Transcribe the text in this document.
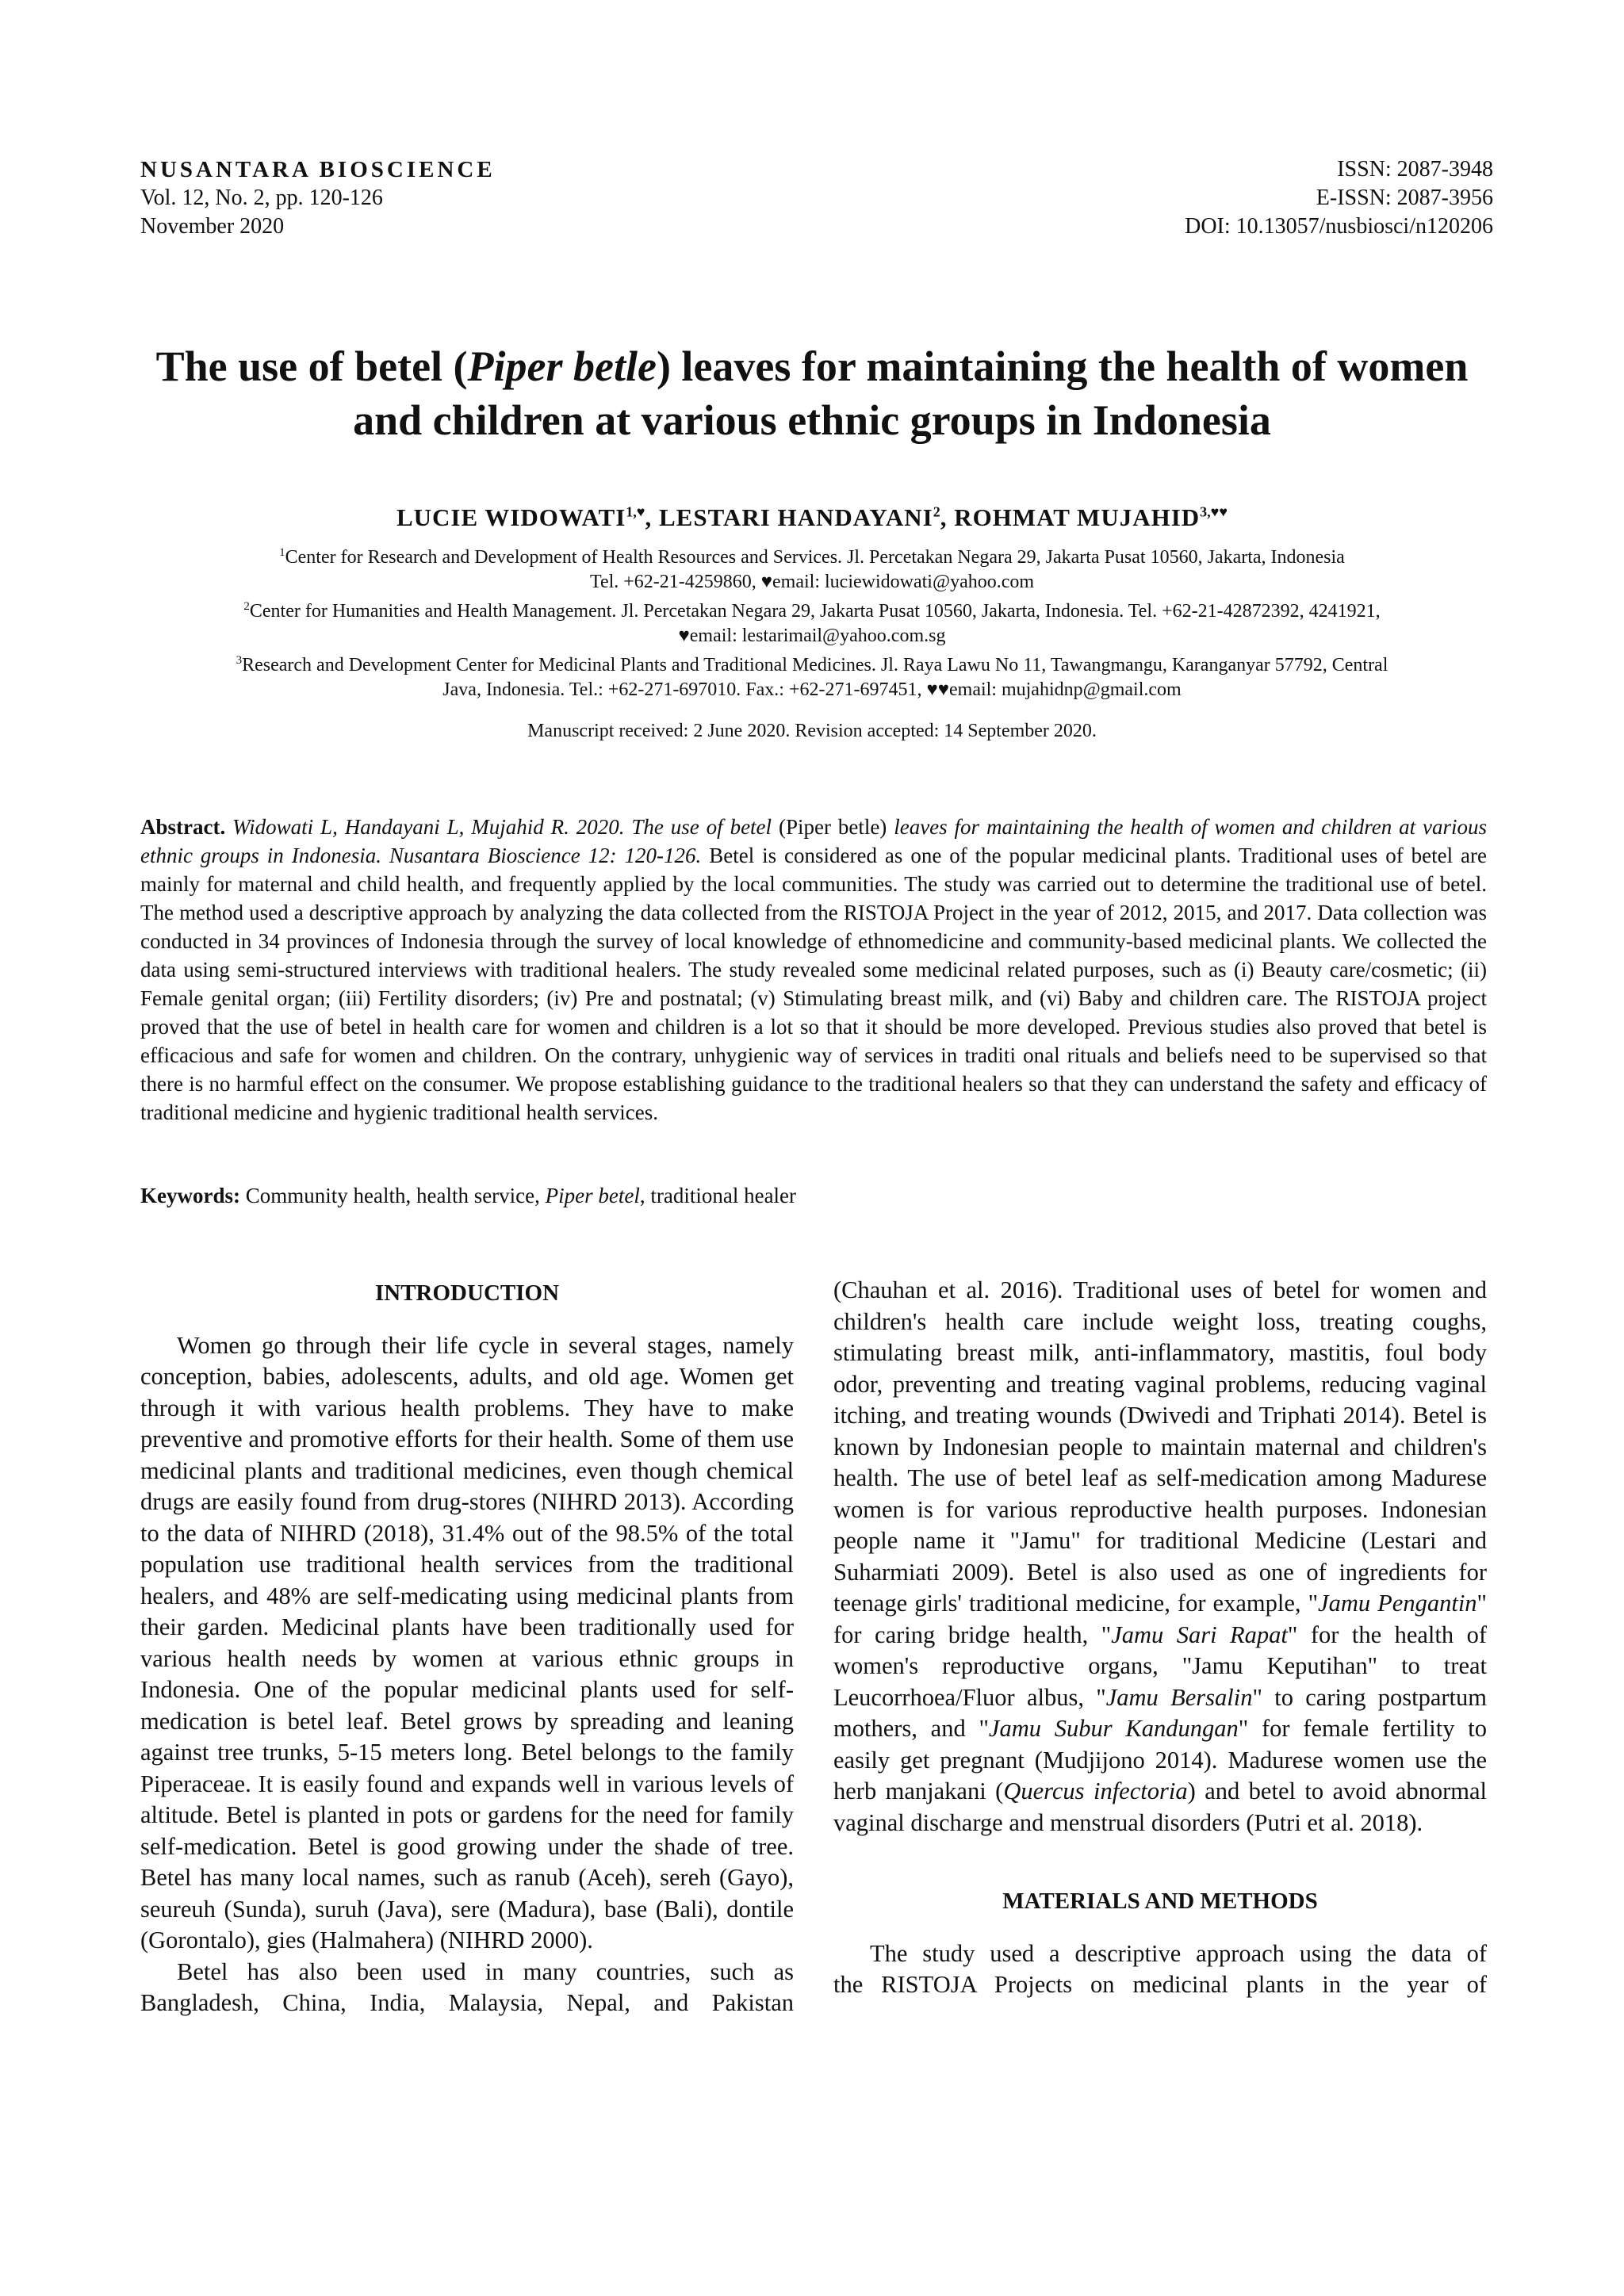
NUSANTARA BIOSCIENCE
Vol. 12, No. 2, pp. 120-126
November 2020
ISSN: 2087-3948
E-ISSN: 2087-3956
DOI: 10.13057/nusbiosci/n120206
The use of betel (Piper betle) leaves for maintaining the health of women
and children at various ethnic groups in Indonesia
LUCIE $WIDOWATI^{1,♥}$, LESTARI HANDAYANI$^2$, ROHMAT $MUJAHID^{3,♥♥}$

$^1$Center for Research and Development of Health Resources and Services. Jl. Percetakan Negara 29, Jakarta Pusat 10560, Jakarta, Indonesia

Tel. +62-21-4259860, ♥email: luciewidowati@yahoo.com

$^2$Center for Humanities and Health Management. Jl. Percetakan Negara 29, Jakarta Pusat 10560, Jakarta, Indonesia. Tel. +62-21-42872392, 4241921,

♥email: lestarimail@yahoo.com.sg

$^3$Research and Development Center for Medicinal Plants and Traditional Medicines. Jl. Raya Lawu No 11, Tawangmangu, Karanganyar 57792, Central

Java, Indonesia. Tel.: +62-271-697010. Fax.: +62-271-697451, ♥♥email: mujahidnp@gmail.com

Manuscript received: 2 June 2020. Revision accepted: 14 September 2020.

Abstract. Widowati L, Handayani L, Mujahid R. 2020. The use of betel (Piper betle) leaves for maintaining the health of women and children at various ethnic groups in Indonesia. Nusantara Bioscience 12: 120-126. Betel is considered as one of the popular medicinal plants. Traditional uses of betel are mainly for maternal and child health, and frequently applied by the local communities. The study was carried out to determine the traditional use of betel. The method used a descriptive approach by analyzing the data collected from the RISTOJA Project in the year of 2012, 2015, and 2017. Data collection was conducted in 34 provinces of Indonesia through the survey of local knowledge of ethnomedicine and community-based medicinal plants. We collected the data using semi-structured interviews with traditional healers. The study revealed some medicinal related purposes, such as (i) Beauty care/cosmetic; (ii) Female genital organ; (iii) Fertility disorders; (iv) Pre and postnatal; (v) Stimulating breast milk, and (vi) Baby and children care. The RISTOJA project proved that the use of betel in health care for women and children is a lot so that it should be more developed. Previous studies also proved that betel is efficacious and safe for women and children. On the contrary, unhygienic way of services in traditi onal rituals and beliefs need to be supervised so that there is no harmful effect on the consumer. We propose establishing guidance to the traditional healers so that they can understand the safety and efficacy of traditional medicine and hygienic traditional health services.

Keywords: Community health, health service, Piper betel, traditional healer

INTRODUCTION

Women go through their life cycle in several stages, namely conception, babies, adolescents, adults, and old age. Women get through it with various health problems. They have to make preventive and promotive efforts for their health. Some of them use medicinal plants and traditional medicines, even though chemical drugs are easily found from drug-stores (NIHRD 2013). According to the data of NIHRD (2018), 31.4% out of the 98.5% of the total population use traditional health services from the traditional healers, and 48% are self-medicating using medicinal plants from their garden. Medicinal plants have been traditionally used for various health needs by women at various ethnic groups in Indonesia. One of the popular medicinal plants used for self-medication is betel leaf. Betel grows by spreading and leaning against tree trunks, 5-15 meters long. Betel belongs to the family Piperaceae. It is easily found and expands well in various levels of altitude. Betel is planted in pots or gardens for the need for family self-medication. Betel is good growing under the shade of tree. Betel has many local names, such as ranub (Aceh), sereh (Gayo), seureuh (Sunda), suruh (Java), sere (Madura), base (Bali), dontile (Gorontalo), gies (Halmahera) (NIHRD 2000).

Betel has also been used in many countries, such as
Bangladesh, China, India, Malaysia, Nepal, and Pakistan

(Chauhan et al. 2016). Traditional uses of betel for women and children's health care include weight loss, treating coughs, stimulating breast milk, anti-inflammatory, mastitis, foul body odor, preventing and treating vaginal problems, reducing vaginal itching, and treating wounds (Dwivedi and Triphati 2014). Betel is known by Indonesian people to maintain maternal and children's health. The use of betel leaf as self-medication among Madurese women is for various reproductive health purposes. Indonesian people name it "Jamu" for traditional Medicine (Lestari and Suharmiati 2009). Betel is also used as one of ingredients for teenage girls' traditional medicine, for example, "Jamu Pengantin" for caring bridge health, "Jamu Sari Rapat" for the health of women's reproductive organs, "Jamu Keputihan" to treat Leucorrhoea/Fluor albus, "Jamu Bersalin" to caring postpartum mothers, and "Jamu Subur Kandungan" for female fertility to easily get pregnant (Mudjijono 2014). Madurese women use the herb manjakani (Quercus infectoria) and betel to avoid abnormal vaginal discharge and menstrual disorders (Putri et al. 2018).

MATERIALS AND METHODS

The study used a descriptive approach using the data of
the RISTOJA Projects on medicinal plants in the year of
